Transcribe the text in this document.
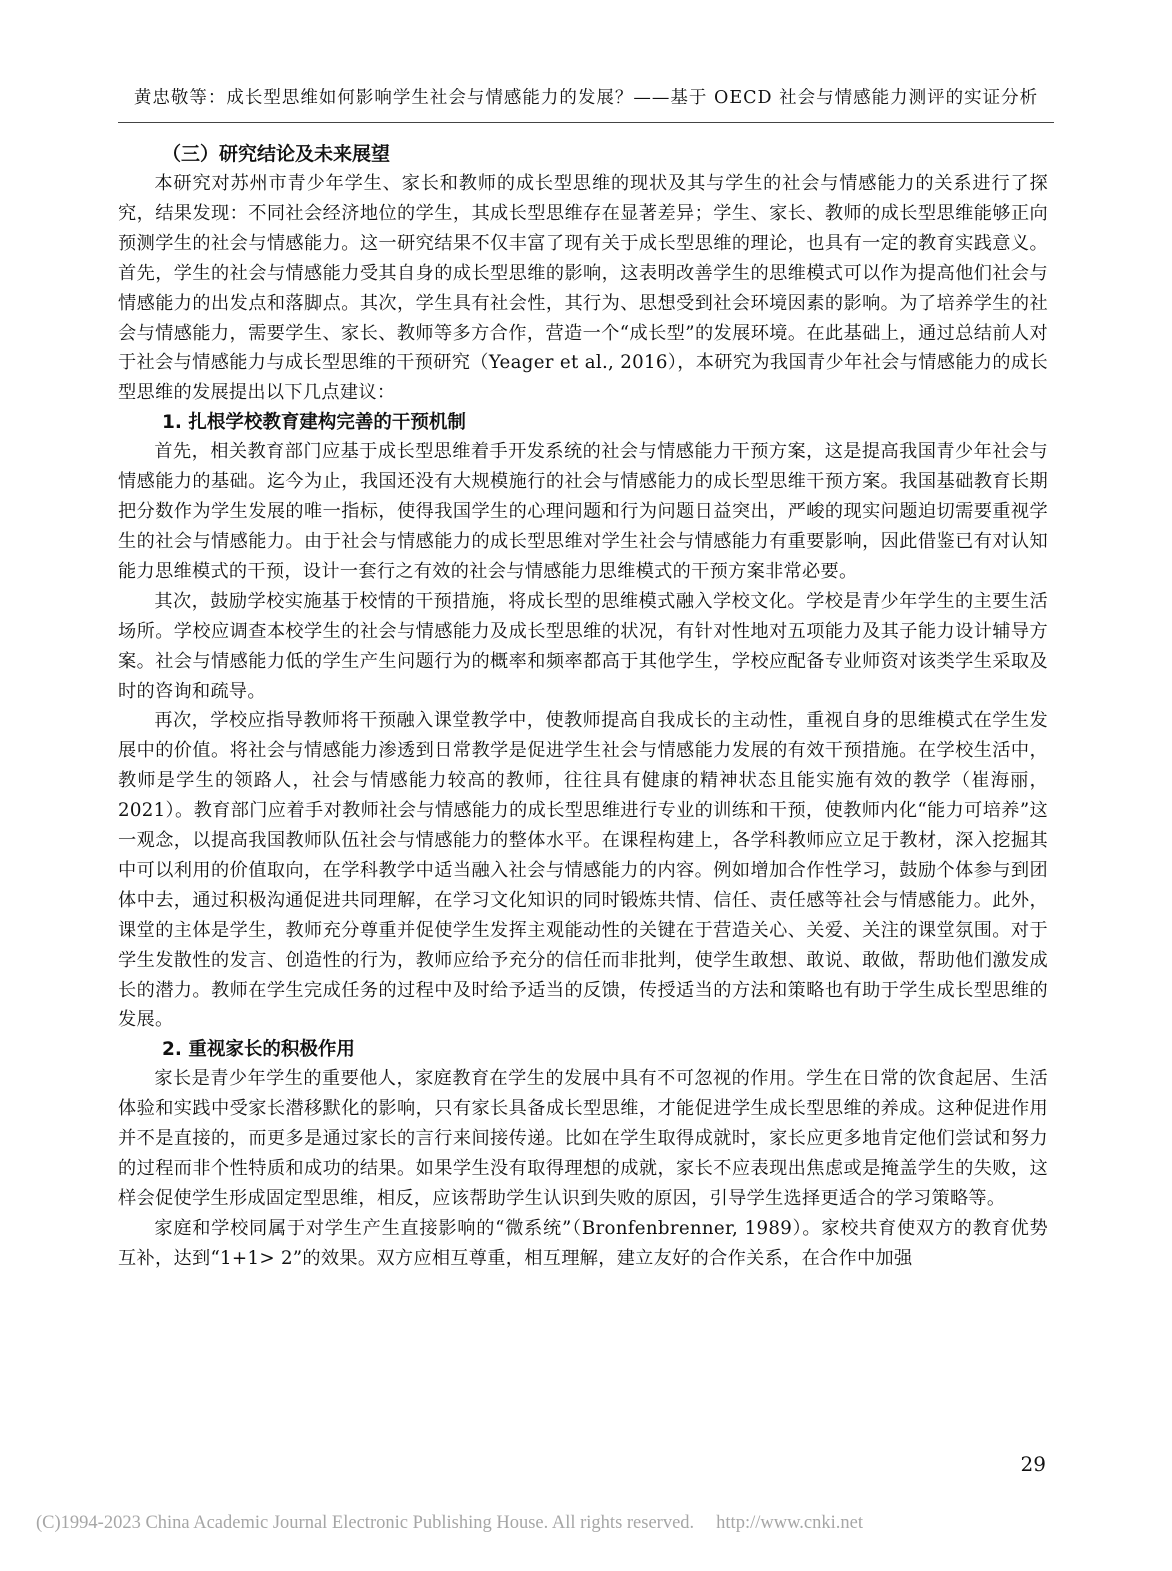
黄忠敬等：成长型思维如何影响学生社会与情感能力的发展？——基于 OECD 社会与情感能力测评的实证分析
（三）研究结论及未来展望

本研究对苏州市青少年学生、家长和教师的成长型思维的现状及其与学生的社会与情感能力的关系进行了探究，结果发现：不同社会经济地位的学生，其成长型思维存在显著差异；学生、家长、教师的成长型思维能够正向预测学生的社会与情感能力。这一研究结果不仅丰富了现有关于成长型思维的理论，也具有一定的教育实践意义。首先，学生的社会与情感能力受其自身的成长型思维的影响，这表明改善学生的思维模式可以作为提高他们社会与情感能力的出发点和落脚点。其次，学生具有社会性，其行为、思想受到社会环境因素的影响。为了培养学生的社会与情感能力，需要学生、家长、教师等多方合作，营造一个“成长型”的发展环境。在此基础上，通过总结前人对于社会与情感能力与成长型思维的干预研究（Yeager et al., 2016），本研究为我国青少年社会与情感能力的成长型思维的发展提出以下几点建议：

1. 扎根学校教育建构完善的干预机制

首先，相关教育部门应基于成长型思维着手开发系统的社会与情感能力干预方案，这是提高我国青少年社会与情感能力的基础。迄今为止，我国还没有大规模施行的社会与情感能力的成长型思维干预方案。我国基础教育长期把分数作为学生发展的唯一指标，使得我国学生的心理问题和行为问题日益突出，严峻的现实问题迫切需要重视学生的社会与情感能力。由于社会与情感能力的成长型思维对学生社会与情感能力有重要影响，因此借鉴已有对认知能力思维模式的干预，设计一套行之有效的社会与情感能力思维模式的干预方案非常必要。

其次，鼓励学校实施基于校情的干预措施，将成长型的思维模式融入学校文化。学校是青少年学生的主要生活场所。学校应调查本校学生的社会与情感能力及成长型思维的状况，有针对性地对五项能力及其子能力设计辅导方案。社会与情感能力低的学生产生问题行为的概率和频率都高于其他学生，学校应配备专业师资对该类学生采取及时的咨询和疏导。

再次，学校应指导教师将干预融入课堂教学中，使教师提高自我成长的主动性，重视自身的思维模式在学生发展中的价值。将社会与情感能力渗透到日常教学是促进学生社会与情感能力发展的有效干预措施。在学校生活中，教师是学生的领路人，社会与情感能力较高的教师，往往具有健康的精神状态且能实施有效的教学（崔海丽，2021）。教育部门应着手对教师社会与情感能力的成长型思维进行专业的训练和干预，使教师内化“能力可培养”这一观念，以提高我国教师队伍社会与情感能力的整体水平。在课程构建上，各学科教师应立足于教材，深入挖掘其中可以利用的价值取向，在学科教学中适当融入社会与情感能力的内容。例如增加合作性学习，鼓励个体参与到团体中去，通过积极沟通促进共同理解，在学习文化知识的同时锻炼共情、信任、责任感等社会与情感能力。此外，课堂的主体是学生，教师充分尊重并促使学生发挥主观能动性的关键在于营造关心、关爱、关注的课堂氛围。对于学生发散性的发言、创造性的行为，教师应给予充分的信任而非批判，使学生敢想、敢说、敢做，帮助他们激发成长的潜力。教师在学生完成任务的过程中及时给予适当的反馈，传授适当的方法和策略也有助于学生成长型思维的发展。

2. 重视家长的积极作用

家长是青少年学生的重要他人，家庭教育在学生的发展中具有不可忽视的作用。学生在日常的饮食起居、生活体验和实践中受家长潜移默化的影响，只有家长具备成长型思维，才能促进学生成长型思维的养成。这种促进作用并不是直接的，而更多是通过家长的言行来间接传递。比如在学生取得成就时，家长应更多地肯定他们尝试和努力的过程而非个性特质和成功的结果。如果学生没有取得理想的成就，家长不应表现出焦虑或是掩盖学生的失败，这样会促使学生形成固定型思维，相反，应该帮助学生认识到失败的原因，引导学生选择更适合的学习策略等。

家庭和学校同属于对学生产生直接影响的“微系统”（Bronfenbrenner, 1989）。家校共育使双方的教育优势互补，达到“1+1> 2”的效果。双方应相互尊重，相互理解，建立友好的合作关系，在合作中加强

29
(C)1994-2023 China Academic Journal Electronic Publishing House. All rights reserved. http://www.cnki.net
